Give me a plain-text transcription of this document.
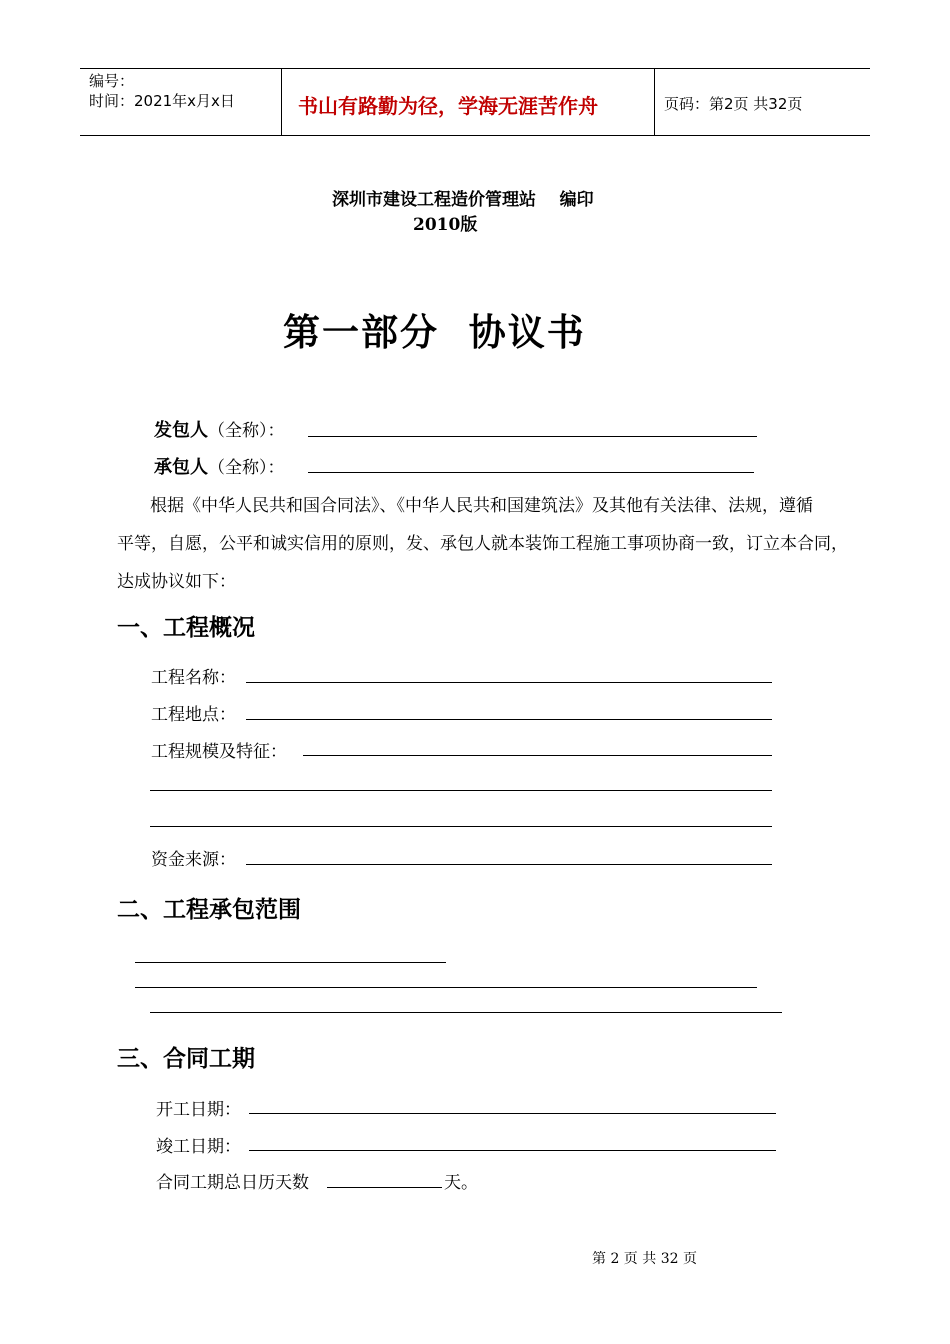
编号：
时间：2021年x月x日	书山有路勤为径，学海无涯苦作舟	页码：第2页 共32页
深圳市建设工程造价管理站    编印
2010版
第一部分  协议书
发包人（全称）：
承包人（全称）：
根据《中华人民共和国合同法》、《中华人民共和国建筑法》及其他有关法律、法规，遵循
平等，自愿，公平和诚实信用的原则，发、承包人就本装饰工程施工事项协商一致，订立本合同，
达成协议如下：
一、工程概况
工程名称：
工程地点：
工程规模及特征：
资金来源：
二、工程承包范围
三、合同工期
开工日期：
竣工日期：
合同工期总日历天数	天。
第 2 页 共 32 页
